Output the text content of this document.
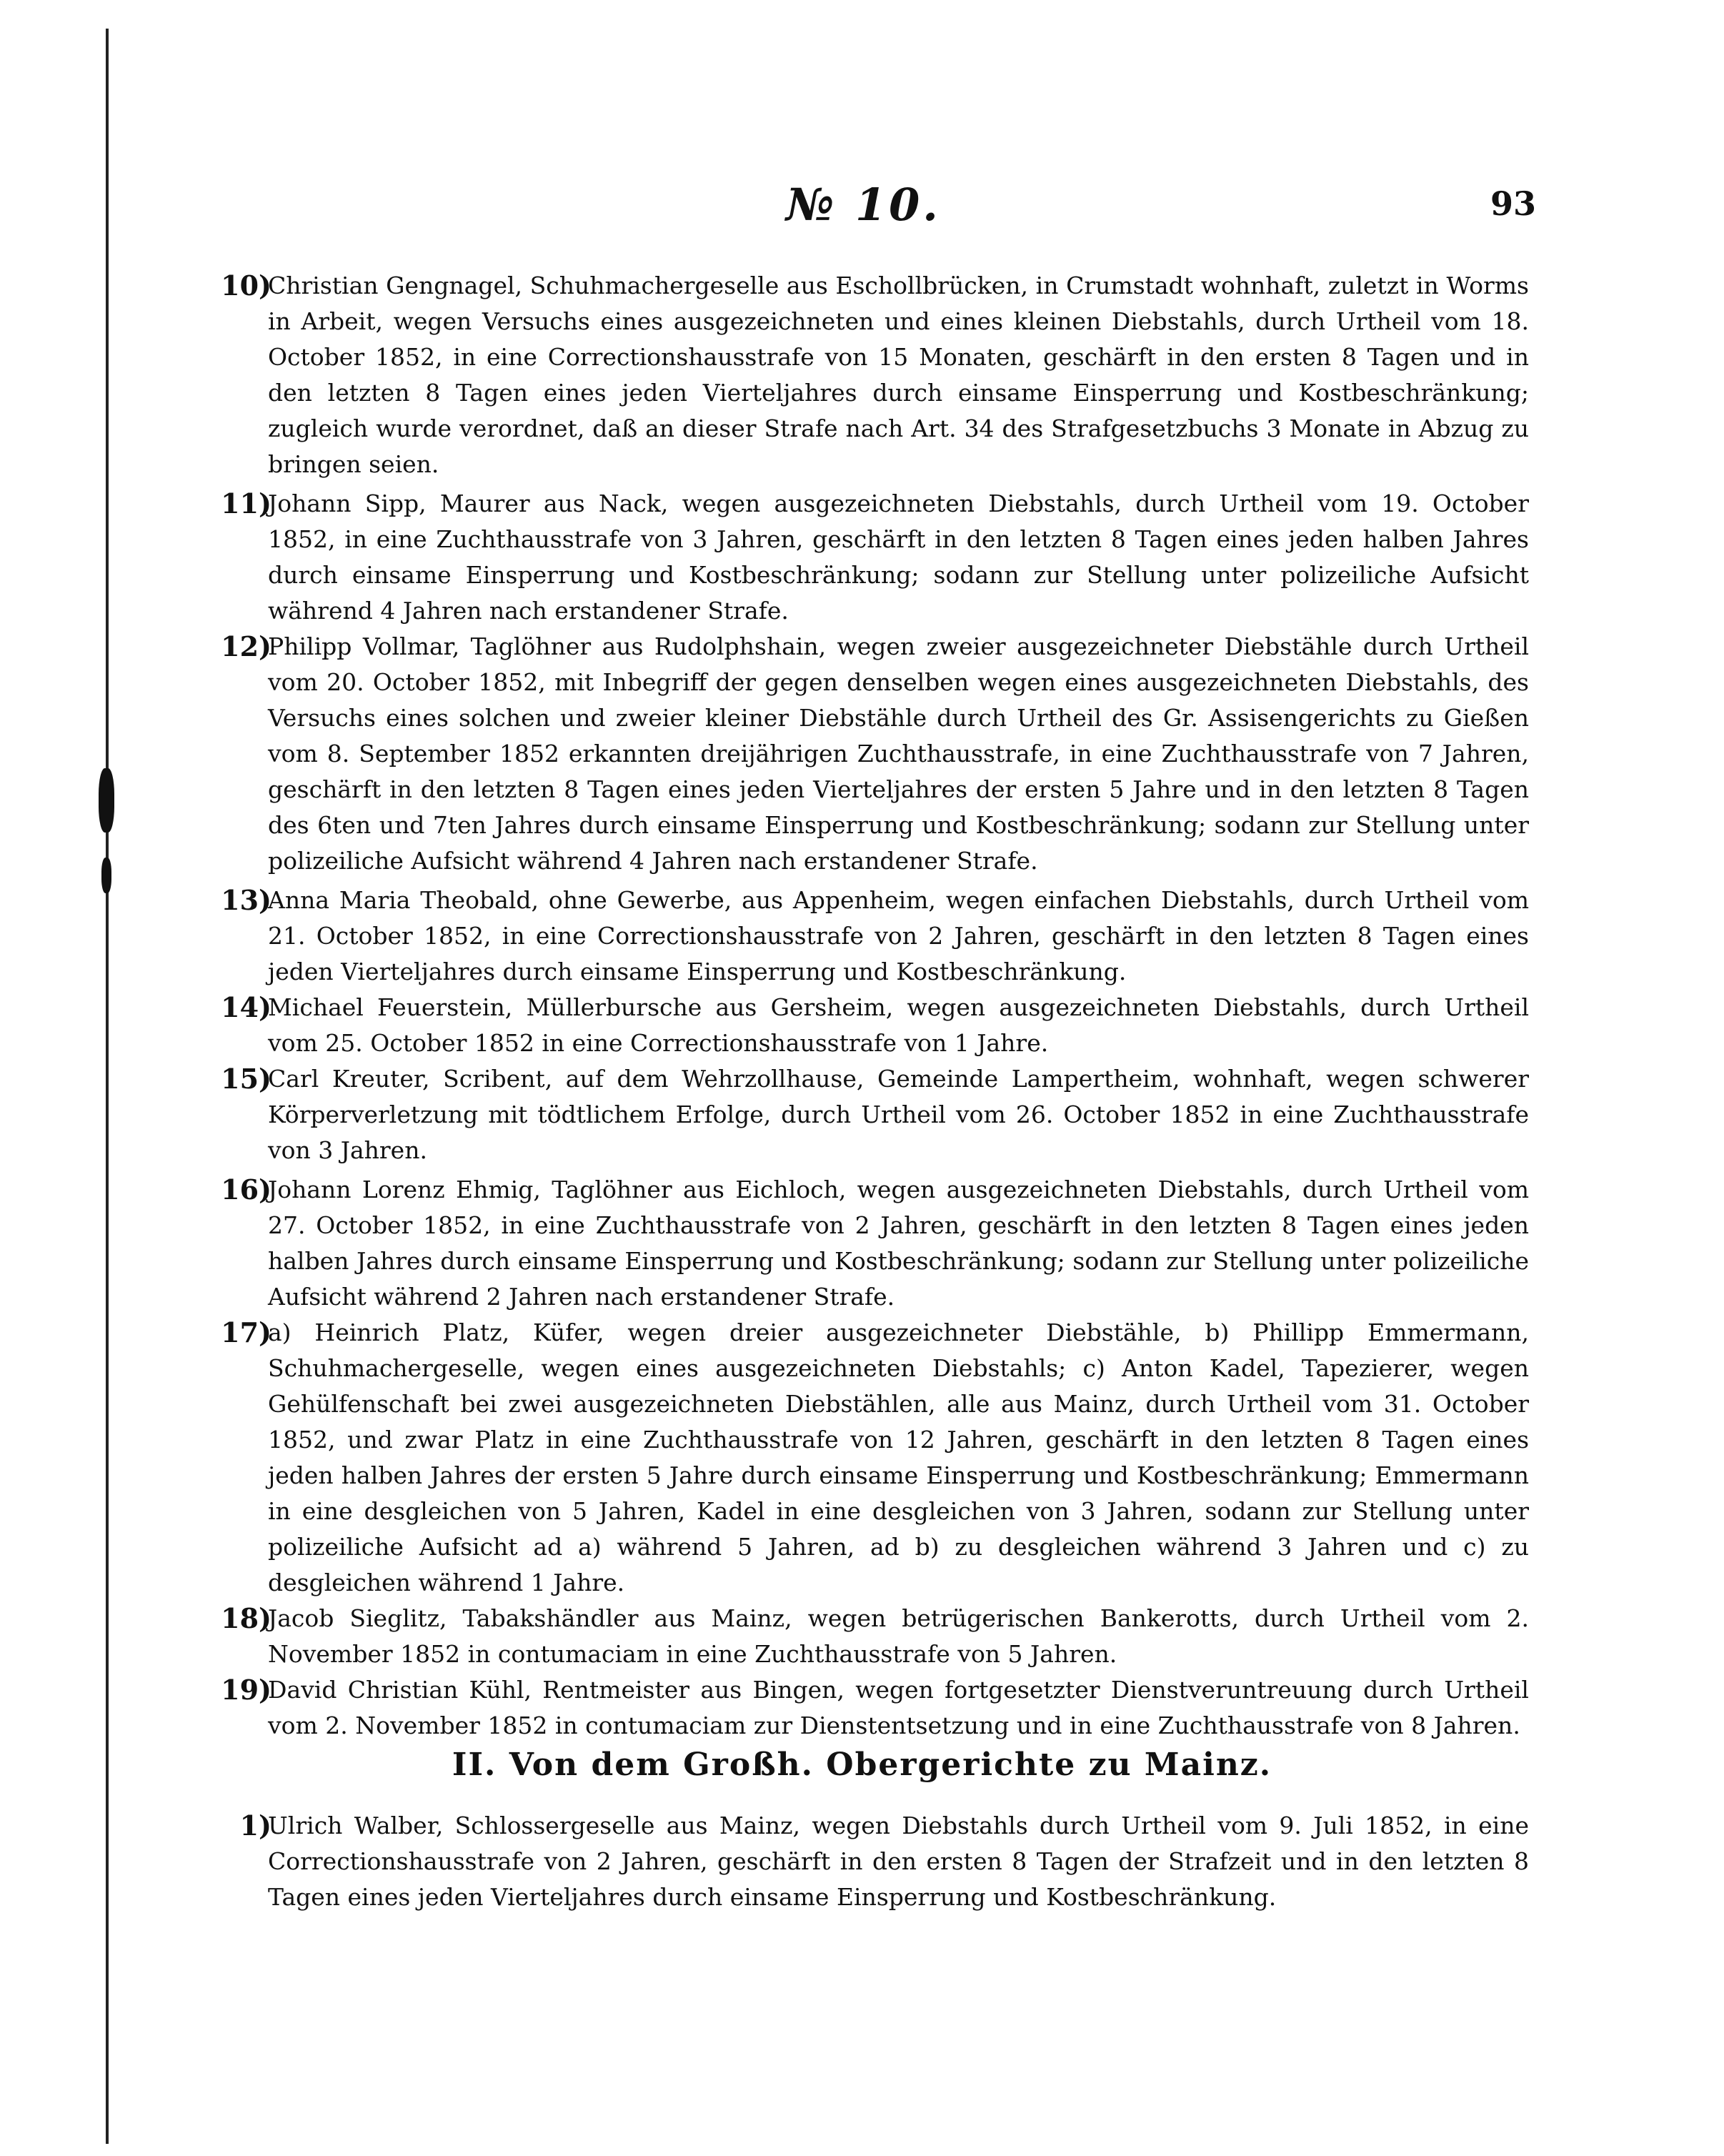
№ 10.	93
10)
Christian Gengnagel, Schuhmachergeselle aus Eschollbrücken, in Crumstadt wohnhaft, zuletzt in Worms in Arbeit, wegen Versuchs eines ausgezeichneten und eines kleinen Diebstahls, durch Urtheil vom 18. October 1852, in eine Correctionshausstrafe von 15 Monaten, geschärft in den ersten 8 Tagen und in den letzten 8 Tagen eines jeden Vierteljahres durch einsame Einsperrung und Kostbeschränkung; zugleich wurde verordnet, daß an dieser Strafe nach Art. 34 des Strafgesetzbuchs 3 Monate in Abzug zu bringen seien.
11)
Johann Sipp, Maurer aus Nack, wegen ausgezeichneten Diebstahls, durch Urtheil vom 19. October 1852, in eine Zuchthausstrafe von 3 Jahren, geschärft in den letzten 8 Tagen eines jeden halben Jahres durch einsame Einsperrung und Kostbeschränkung; sodann zur Stellung unter polizeiliche Aufsicht während 4 Jahren nach erstandener Strafe.
12)
Philipp Vollmar, Taglöhner aus Rudolphshain, wegen zweier ausgezeichneter Diebstähle durch Urtheil vom 20. October 1852, mit Inbegriff der gegen denselben wegen eines ausgezeichneten Diebstahls, des Versuchs eines solchen und zweier kleiner Diebstähle durch Urtheil des Gr. Assisengerichts zu Gießen vom 8. September 1852 erkannten dreijährigen Zuchthausstrafe, in eine Zuchthausstrafe von 7 Jahren, geschärft in den letzten 8 Tagen eines jeden Vierteljahres der ersten 5 Jahre und in den letzten 8 Tagen des 6ten und 7ten Jahres durch einsame Einsperrung und Kostbeschränkung; sodann zur Stellung unter polizeiliche Aufsicht während 4 Jahren nach erstandener Strafe.
13)
Anna Maria Theobald, ohne Gewerbe, aus Appenheim, wegen einfachen Diebstahls, durch Urtheil vom 21. October 1852, in eine Correctionshausstrafe von 2 Jahren, geschärft in den letzten 8 Tagen eines jeden Vierteljahres durch einsame Einsperrung und Kostbeschränkung.
14)
Michael Feuerstein, Müllerbursche aus Gersheim, wegen ausgezeichneten Diebstahls, durch Urtheil vom 25. October 1852 in eine Correctionshausstrafe von 1 Jahre.
15)
Carl Kreuter, Scribent, auf dem Wehrzollhause, Gemeinde Lampertheim, wohnhaft, wegen schwerer Körperverletzung mit tödtlichem Erfolge, durch Urtheil vom 26. October 1852 in eine Zuchthausstrafe von 3 Jahren.
16)
Johann Lorenz Ehmig, Taglöhner aus Eichloch, wegen ausgezeichneten Diebstahls, durch Urtheil vom 27. October 1852, in eine Zuchthausstrafe von 2 Jahren, geschärft in den letzten 8 Tagen eines jeden halben Jahres durch einsame Einsperrung und Kostbeschränkung; sodann zur Stellung unter polizeiliche Aufsicht während 2 Jahren nach erstandener Strafe.
17)
a) Heinrich Platz, Küfer, wegen dreier ausgezeichneter Diebstähle, b) Phillipp Emmermann, Schuhmachergeselle, wegen eines ausgezeichneten Diebstahls; c) Anton Kadel, Tapezierer, wegen Gehülfenschaft bei zwei ausgezeichneten Diebstählen, alle aus Mainz, durch Urtheil vom 31. October 1852, und zwar Platz in eine Zuchthausstrafe von 12 Jahren, geschärft in den letzten 8 Tagen eines jeden halben Jahres der ersten 5 Jahre durch einsame Einsperrung und Kostbeschränkung; Emmermann in eine desgleichen von 5 Jahren, Kadel in eine desgleichen von 3 Jahren, sodann zur Stellung unter polizeiliche Aufsicht ad a) während 5 Jahren, ad b) zu desgleichen während 3 Jahren und c) zu desgleichen während 1 Jahre.
18)
Jacob Sieglitz, Tabakshändler aus Mainz, wegen betrügerischen Bankerotts, durch Urtheil vom 2. November 1852 in contumaciam in eine Zuchthausstrafe von 5 Jahren.
19)
David Christian Kühl, Rentmeister aus Bingen, wegen fortgesetzter Dienstveruntreuung durch Urtheil vom 2. November 1852 in contumaciam zur Dienstentsetzung und in eine Zuchthausstrafe von 8 Jahren.
II. Von dem Großh. Obergerichte zu Mainz.
1)
Ulrich Walber, Schlossergeselle aus Mainz, wegen Diebstahls durch Urtheil vom 9. Juli 1852, in eine Correctionshausstrafe von 2 Jahren, geschärft in den ersten 8 Tagen der Strafzeit und in den letzten 8 Tagen eines jeden Vierteljahres durch einsame Einsperrung und Kostbeschränkung.
